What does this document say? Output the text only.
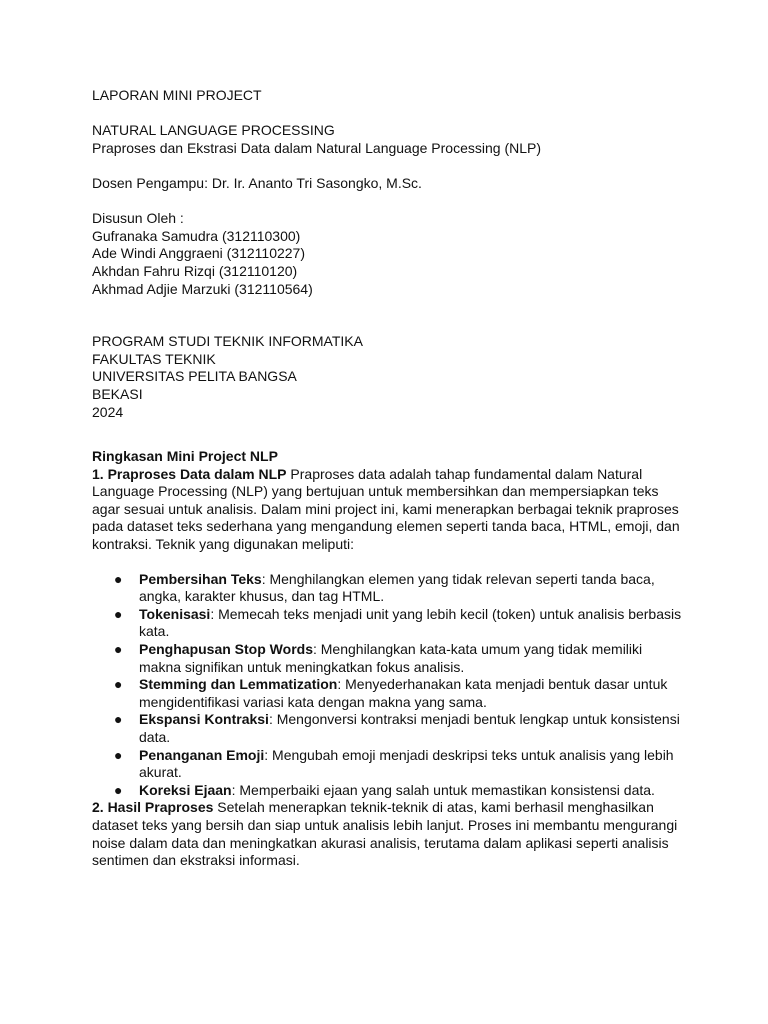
LAPORAN MINI PROJECT

NATURAL LANGUAGE PROCESSING

Praproses dan Ekstrasi Data dalam Natural Language Processing (NLP)

Dosen Pengampu: Dr. Ir. Ananto Tri Sasongko, M.Sc.

Disusun Oleh :

Gufranaka Samudra (312110300)

Ade Windi Anggraeni (312110227)

Akhdan Fahru Rizqi (312110120)

Akhmad Adjie Marzuki (312110564)

PROGRAM STUDI TEKNIK INFORMATIKA

FAKULTAS TEKNIK

UNIVERSITAS PELITA BANGSA

BEKASI

2024

Ringkasan Mini Project NLP

1. Praproses Data dalam NLP Praproses data adalah tahap fundamental dalam Natural Language Processing (NLP) yang bertujuan untuk membersihkan dan mempersiapkan teks agar sesuai untuk analisis. Dalam mini project ini, kami menerapkan berbagai teknik praproses pada dataset teks sederhana yang mengandung elemen seperti tanda baca, HTML, emoji, dan kontraksi. Teknik yang digunakan meliputi:

● Pembersihan Teks: Menghilangkan elemen yang tidak relevan seperti tanda baca, angka, karakter khusus, dan tag HTML.
● Tokenisasi: Memecah teks menjadi unit yang lebih kecil (token) untuk analisis berbasis kata.
● Penghapusan Stop Words: Menghilangkan kata-kata umum yang tidak memiliki makna signifikan untuk meningkatkan fokus analisis.
● Stemming dan Lemmatization: Menyederhanakan kata menjadi bentuk dasar untuk mengidentifikasi variasi kata dengan makna yang sama.
● Ekspansi Kontraksi: Mengonversi kontraksi menjadi bentuk lengkap untuk konsistensi data.
● Penanganan Emoji: Mengubah emoji menjadi deskripsi teks untuk analisis yang lebih akurat.
● Koreksi Ejaan: Memperbaiki ejaan yang salah untuk memastikan konsistensi data.

2. Hasil Praproses Setelah menerapkan teknik-teknik di atas, kami berhasil menghasilkan dataset teks yang bersih dan siap untuk analisis lebih lanjut. Proses ini membantu mengurangi noise dalam data dan meningkatkan akurasi analisis, terutama dalam aplikasi seperti analisis sentimen dan ekstraksi informasi.
